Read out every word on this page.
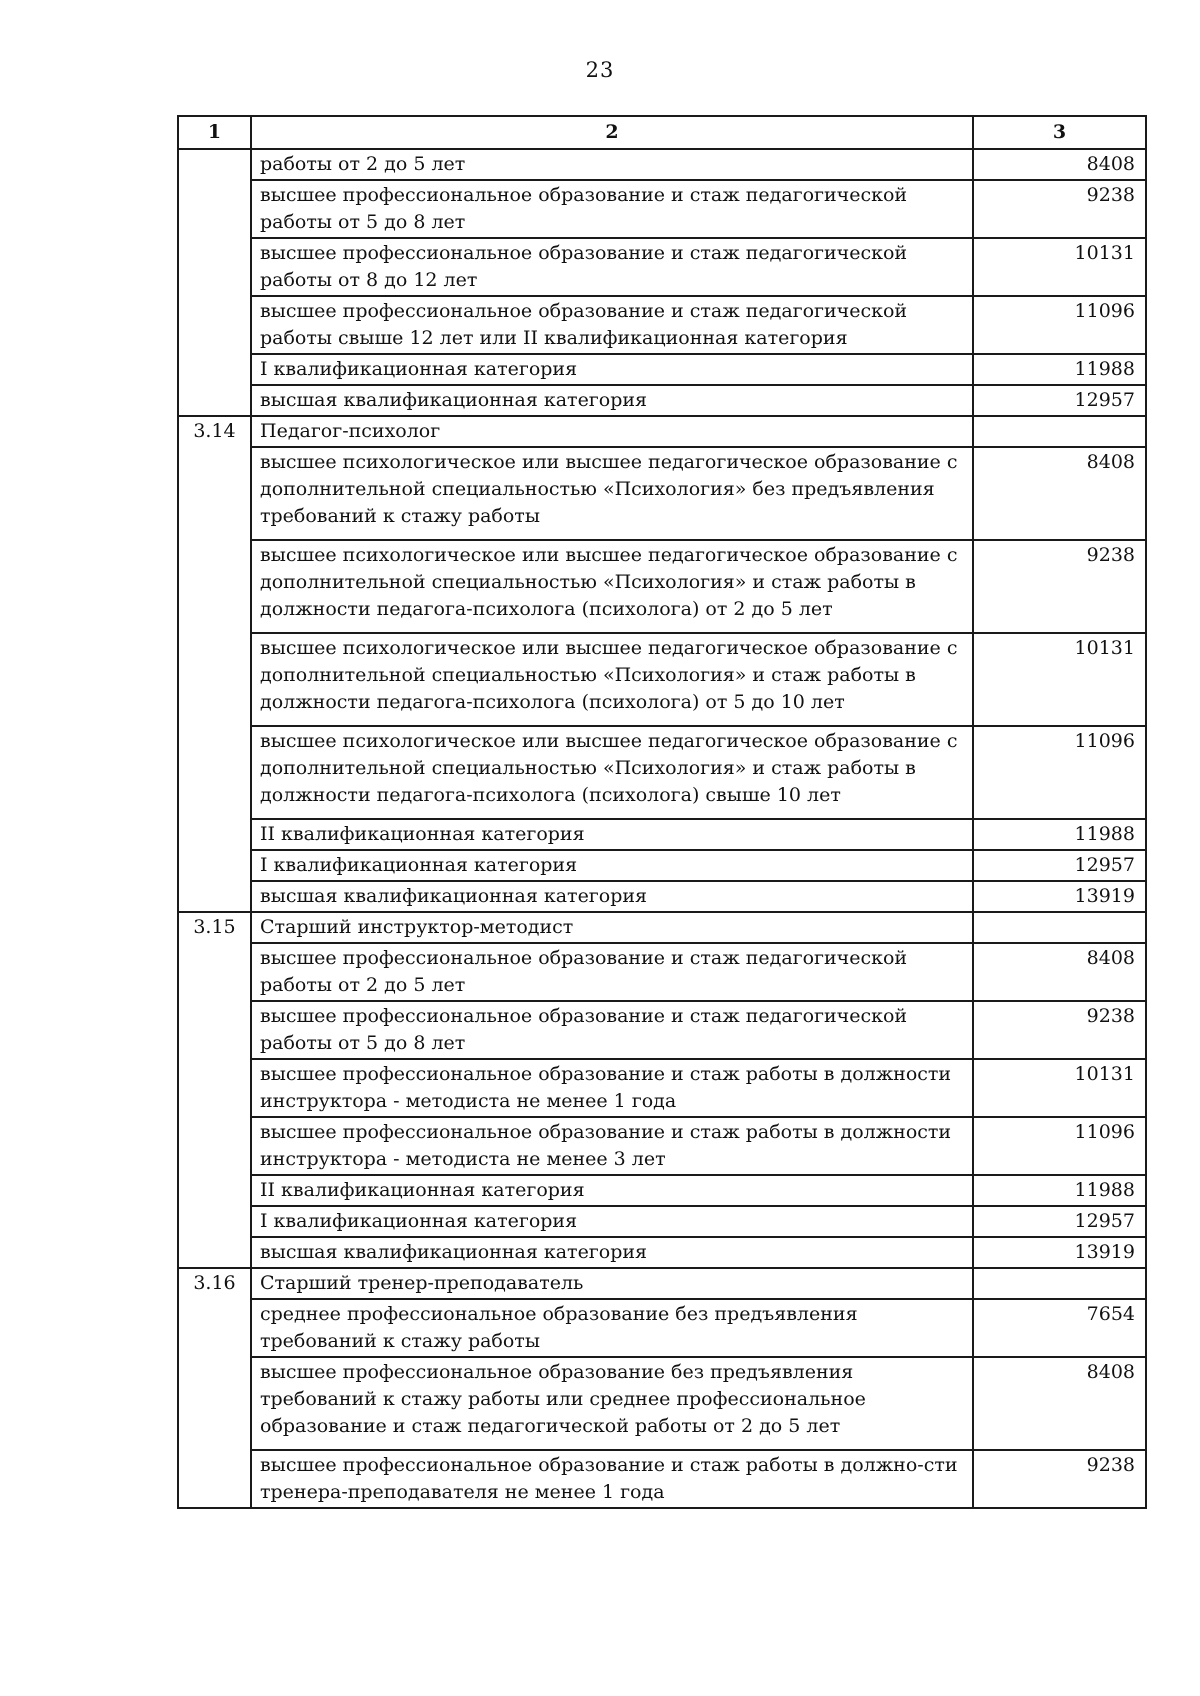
23
1	2	3
	работы от 2 до 5 лет	8408
	высшее профессиональное образование и стаж педагогической работы от 5 до 8 лет	9238
	высшее профессиональное образование и стаж педагогической работы от 8 до 12 лет	10131
	высшее профессиональное образование и стаж педагогической работы свыше 12 лет или II квалификационная категория	11096
	I квалификационная категория	11988
	высшая квалификационная категория	12957
3.14	Педагог-психолог	
	высшее психологическое или высшее педагогическое образование с дополнительной специальностью «Психология» без предъявления требований к стажу работы	8408
	высшее психологическое или высшее педагогическое образование с дополнительной специальностью «Психология» и стаж работы в должности педагога-психолога (психолога) от 2 до 5 лет	9238
	высшее психологическое или высшее педагогическое образование с дополнительной специальностью «Психология» и стаж работы в должности педагога-психолога (психолога) от 5 до 10 лет	10131
	высшее психологическое или высшее педагогическое образование с дополнительной специальностью «Психология» и стаж работы в должности педагога-психолога (психолога) свыше 10 лет	11096
	II квалификационная категория	11988
	I квалификационная категория	12957
	высшая квалификационная категория	13919
3.15	Старший инструктор-методист	
	высшее профессиональное образование и стаж педагогической работы от 2 до 5 лет	8408
	высшее профессиональное образование и стаж педагогической работы от 5 до 8 лет	9238
	высшее профессиональное образование и стаж работы в должности инструктора - методиста не менее 1 года	10131
	высшее профессиональное образование и стаж работы в должности инструктора - методиста не менее 3 лет	11096
	II квалификационная категория	11988
	I квалификационная категория	12957
	высшая квалификационная категория	13919
3.16	Старший тренер-преподаватель	
	среднее профессиональное образование без предъявления требований к стажу работы	7654
	высшее профессиональное образование без предъявления требований к стажу работы или среднее профессиональное образование и стаж педагогической работы от 2 до 5 лет	8408
	высшее профессиональное образование и стаж работы в должно-сти тренера-преподавателя не менее 1 года	9238
